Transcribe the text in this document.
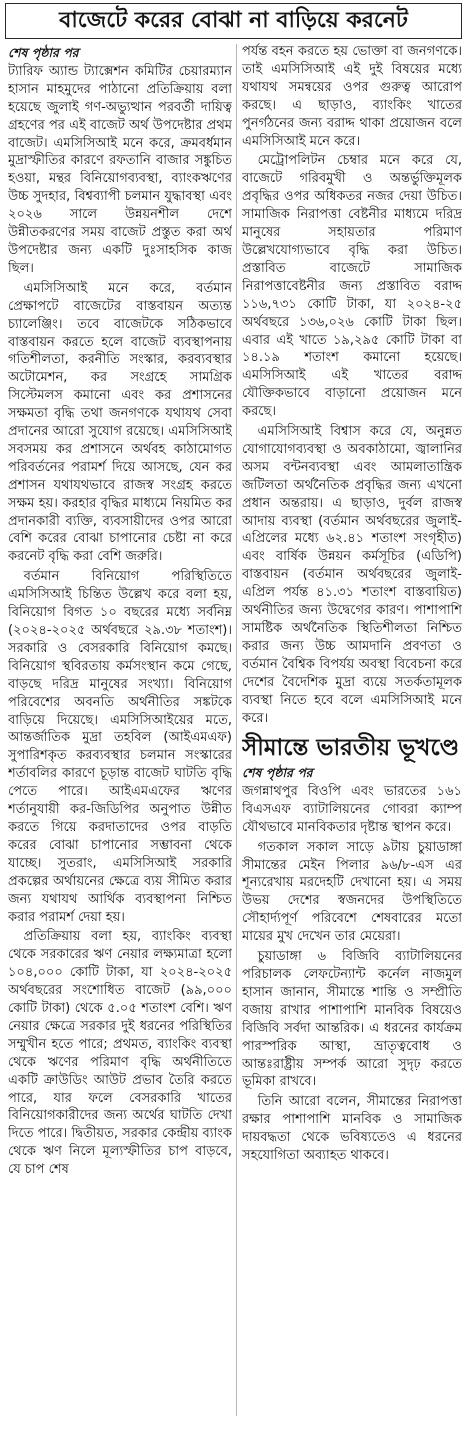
বাজেটে করের বোঝা না বাড়িয়ে করনেট
শেষ পৃষ্ঠার পর

ট্যারিফ অ্যান্ড ট্যাক্সেশন কমিটির চেয়ারম্যান হাসান মাহমুদের পাঠানো প্রতিক্রিয়ায় বলা হয়েছে জুলাই গণ-অভ্যুত্থান পরবর্তী দায়িত্ব গ্রহণের পর এই বাজেট অর্থ উপদেষ্টার প্রথম বাজেট। এমসিসিআই মনে করে, ক্রমবর্ধমান মুদ্রাস্ফীতির কারণে রফতানি বাজার সঙ্কুচিত হওয়া, মন্থর বিনিয়োগব্যবস্থা, ব্যাংকঋণের উচ্চ সুদহার, বিশ্বব্যাপী চলমান যুদ্ধাবস্থা এবং ২০২৬ সালে উন্নয়নশীল দেশে উন্নীতকরণের সময় বাজেট প্রস্তুত করা অর্থ উপদেষ্টার জন্য একটি দুঃসাহসিক কাজ ছিল।

এমসিসিআই মনে করে, বর্তমান প্রেক্ষাপটে বাজেটের বাস্তবায়ন অত্যন্ত চ্যালেঞ্জিং। তবে বাজেটকে সঠিকভাবে বাস্তবায়ন করতে হলে বাজেট ব্যবস্থাপনায় গতিশীলতা, করনীতি সংস্কার, করব্যবস্থার অটোমেশন, কর সংগ্রহে সামগ্রিক সিস্টেমলস কমানো এবং কর প্রশাসনের সক্ষমতা বৃদ্ধি তথা জনগণকে যথাযথ সেবা প্রদানের আরো সুযোগ রয়েছে। এমসিসিআই সবসময় কর প্রশাসনে অর্থবহ কাঠামোগত পরিবর্তনের পরামর্শ দিয়ে আসছে, যেন কর প্রশাসন যথাযথভাবে রাজস্ব সংগ্রহ করতে সক্ষম হয়। করহার বৃদ্ধির মাধ্যমে নিয়মিত কর প্রদানকারী ব্যক্তি, ব্যবসায়ীদের ওপর আরো বেশি করের বোঝা চাপানোর চেষ্টা না করে করনেট বৃদ্ধি করা বেশি জরুরি।

বর্তমান বিনিয়োগ পরিস্থিতিতে এমসিসিআই চিন্তিত উল্লেখ করে বলা হয়, বিনিয়োগ বিগত ১০ বছরের মধ্যে সর্বনিম্ন (২০২৪-২০২৫ অর্থবছরে ২৯.৩৮ শতাংশ)। সরকারি ও বেসরকারি বিনিয়োগ কমছে। বিনিয়োগ স্থবিরতায় কর্মসংস্থান কমে গেছে, বাড়ছে দরিদ্র মানুষের সংখ্যা। বিনিয়োগ পরিবেশের অবনতি অর্থনীতির সঙ্কটকে বাড়িয়ে দিয়েছে। এমসিসিআইয়ের মতে, আন্তর্জাতিক মুদ্রা তহবিল (আইএমএফ) সুপারিশকৃত করব্যবস্থার চলমান সংস্কারের শর্তাবলির কারণে চূড়ান্ত বাজেট ঘাটতি বৃদ্ধি পেতে পারে। আইএমএফের ঋণের শর্তানুযায়ী কর-জিডিপির অনুপাত উন্নীত করতে গিয়ে করদাতাদের ওপর বাড়তি করের বোঝা চাপানোর সম্ভাবনা থেকে যাচ্ছে। সুতরাং, এমসিসিআই সরকারি প্রকল্পের অর্থায়নের ক্ষেত্রে ব্যয় সীমিত করার জন্য যথাযথ আর্থিক ব্যবস্থাপনা নিশ্চিত করার পরামর্শ দেয়া হয়।

প্রতিক্রিয়ায় বলা হয়, ব্যাংকিং ব্যবস্থা থেকে সরকারের ঋণ নেয়ার লক্ষ্যমাত্রা হলো ১০৪,০০০ কোটি টাকা, যা ২০২৪-২০২৫ অর্থবছরের সংশোধিত বাজেট (৯৯,০০০ কোটি টাকা) থেকে ৫.০৫ শতাংশ বেশি। ঋণ নেয়ার ক্ষেত্রে সরকার দুই ধরনের পরিস্থিতির সম্মুখীন হতে পারে; প্রথমত, ব্যাংকিং ব্যবস্থা থেকে ঋণের পরিমাণ বৃদ্ধি অর্থনীতিতে একটি ক্রাউডিং আউট প্রভাব তৈরি করতে পারে, যার ফলে বেসরকারি খাতের বিনিয়োগকারীদের জন্য অর্থের ঘাটতি দেখা দিতে পারে। দ্বিতীয়ত, সরকার কেন্দ্রীয় ব্যাংক থেকে ঋণ নিলে মূল্যস্ফীতির চাপ বাড়বে, যে চাপ শেষ

পর্যন্ত বহন করতে হয় ভোক্তা বা জনগণকে। তাই এমসিসিআই এই দুই বিষয়ের মধ্যে যথাযথ সমন্বয়ের ওপর গুরুত্ব আরোপ করছে। এ ছাড়াও, ব্যাংকিং খাতের পুনর্গঠনের জন্য বরাদ্দ থাকা প্রয়োজন বলে এমসিসিআই মনে করে।

মেট্রোপলিটন চেম্বার মনে করে যে, বাজেটে গরিবমুখী ও অন্তর্ভুক্তিমূলক প্রবৃদ্ধির ওপর অধিকতর নজর দেয়া উচিত। সামাজিক নিরাপত্তা বেষ্টনীর মাধ্যমে দরিদ্র মানুষের সহায়তার পরিমাণ উল্লেখযোগ্যভাবে বৃদ্ধি করা উচিত। প্রস্তাবিত বাজেটে সামাজিক নিরাপত্তাবেষ্টনীর জন্য প্রস্তাবিত বরাদ্দ ১১৬,৭৩১ কোটি টাকা, যা ২০২৪-২৫ অর্থবছরে ১৩৬,০২৬ কোটি টাকা ছিল। এবার এই খাতে ১৯,২৯৫ কোটি টাকা বা ১৪.১৯ শতাংশ কমানো হয়েছে। এমসিসিআই এই খাতের বরাদ্দ যৌক্তিকভাবে বাড়ানো প্রয়োজন মনে করছে।

এমসিসিআই বিশ্বাস করে যে, অনুন্নত যোগাযোগব্যবস্থা ও অবকাঠামো, জ্বালানির অসম বন্টনব্যবস্থা এবং আমলাতান্ত্রিক জটিলতা অর্থনৈতিক প্রবৃদ্ধির জন্য এখনো প্রধান অন্তরায়। এ ছাড়াও, দুর্বল রাজস্ব আদায় ব্যবস্থা (বর্তমান অর্থবছরের জুলাই-এপ্রিলের মধ্যে ৬২.৪১ শতাংশ সংগৃহীত) এবং বার্ষিক উন্নয়ন কর্মসূচির (এডিপি) বাস্তবায়ন (বর্তমান অর্থবছরের জুলাই-এপ্রিল পর্যন্ত ৪১.৩১ শতাংশ বাস্তবায়িত) অর্থনীতির জন্য উদ্বেগের কারণ। পাশাপাশি সামষ্টিক অর্থনৈতিক স্থিতিশীলতা নিশ্চিত করার জন্য উচ্চ আমদানি প্রবণতা ও বর্তমান বৈশ্বিক বিপর্যয় অবস্থা বিবেচনা করে দেশের বৈদেশিক মুদ্রা ব্যয়ে সতর্কতামূলক ব্যবস্থা নিতে হবে বলে এমসিসিআই মনে করে।

সীমান্তে ভারতীয় ভূখণ্ডে
শেষ পৃষ্ঠার পর

জগন্নাথপুর বিওপি এবং ভারতের ১৬১ বিএসএফ ব্যাটালিয়নের গোবরা ক্যাম্প যৌথভাবে মানবিকতার দৃষ্টান্ত স্থাপন করে।

গতকাল সকাল সাড়ে ৯টায় চুয়াডাঙ্গা সীমান্তের মেইন পিলার ৯৬/৮-এস এর শূন্যরেখায় মরদেহটি দেখানো হয়। এ সময় উভয় দেশের স্বজনদের উপস্থিতিতে সৌহার্দ্যপূর্ণ পরিবেশে শেষবারের মতো মায়ের মুখ দেখেন তার মেয়েরা।

চুয়াডাঙ্গা ৬ বিজিবি ব্যাটালিয়নের পরিচালক লেফটেন্যান্ট কর্নেল নাজমুল হাসান জানান, সীমান্তে শান্তি ও সম্প্রীতি বজায় রাখার পাশাপাশি মানবিক বিষয়েও বিজিবি সর্বদা আন্তরিক। এ ধরনের কার্যক্রম পারস্পরিক আস্থা, ভ্রাতৃত্ববোধ ও আন্তঃরাষ্ট্রীয় সম্পর্ক আরো সুদৃঢ় করতে ভূমিকা রাখবে।

তিনি আরো বলেন, সীমান্তের নিরাপত্তা রক্ষার পাশাপাশি মানবিক ও সামাজিক দায়বদ্ধতা থেকে ভবিষ্যতেও এ ধরনের সহযোগিতা অব্যাহত থাকবে।
